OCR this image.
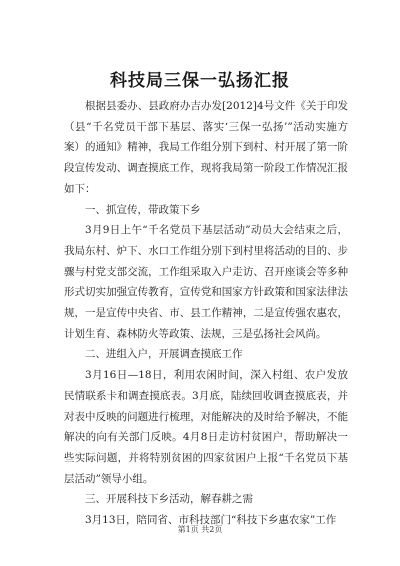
科技局三保一弘扬汇报

根据县委办、县政府办吉办发[2012]4号文件《关于印发（县“千名党员干部下基层、落实‘三保一弘扬’”活动实施方案）的通知》精神，我局工作组分别下到村、村开展了第一阶段宣传发动、调查摸底工作，现将我局第一阶段工作情况汇报如下：

一、抓宣传，带政策下乡

3月9日上午“千名党员下基层活动”动员大会结束之后，我局东村、炉下、水口工作组分别下到村里将活动的目的、步骤与村党支部交流，工作组采取入户走访、召开座谈会等多种形式切实加强宣传教育，宣传党和国家方针政策和国家法律法规，一是宣传中央省、市、县工作精神，二是宣传强农惠农，计划生育、森林防火等政策、法规，三是弘扬社会风尚。

二、进组入户，开展调查摸底工作

3月16日—18日，利用农闲时间，深入村组、农户发放民情联系卡和调查摸底表。3月底，陆续回收调查摸底表，并对表中反映的问题进行梳理，对能解决的及时给予解决，不能解决的向有关部门反映。4月8日走访村贫困户，帮助解决一些实际问题，并将特别贫困的四家贫困户上报“千名党员下基层活动”领导小组。

三、开展科技下乡活动，解春耕之需

3月13日，陪同省、市科技部门“科技下乡惠农家”工作

第1页 共2页
